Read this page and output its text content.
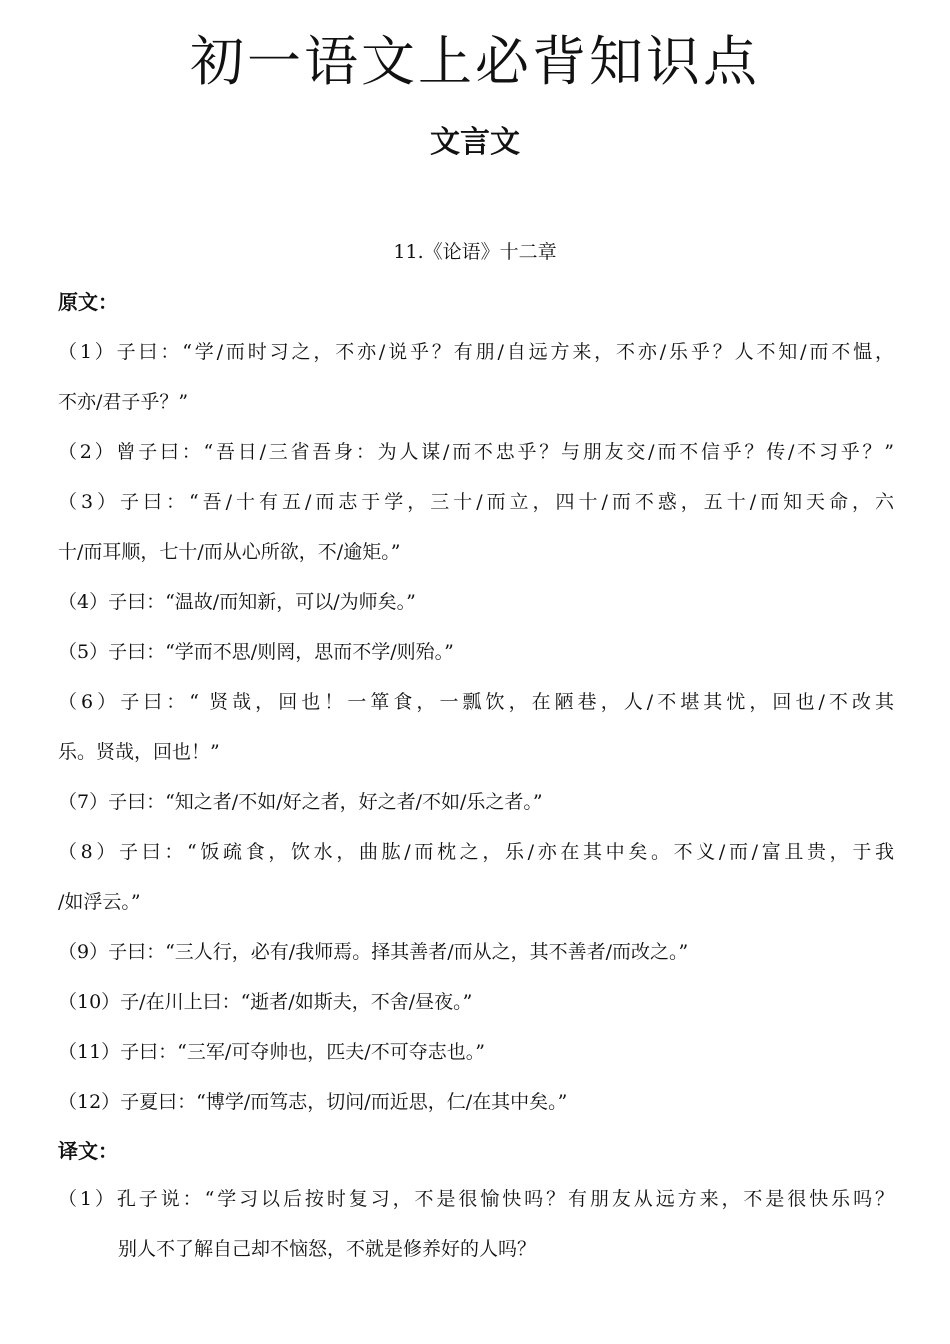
初一语文上必背知识点
文言文
11.《论语》十二章
原文：
（1）子曰：“学/而时习之，不亦/说乎？有朋/自远方来，不亦/乐乎？人不知/而不愠，
不亦/君子乎？”
（2）曾子曰：“吾日/三省吾身：为人谋/而不忠乎？与朋友交/而不信乎？传/不习乎？”
（3）子曰：“吾/十有五/而志于学，三十/而立，四十/而不惑，五十/而知天命，六
十/而耳顺，七十/而从心所欲，不/逾矩。”
（4）子曰：“温故/而知新，可以/为师矣。”
（5）子曰：“学而不思/则罔，思而不学/则殆。”
（6）子曰：“ 贤哉，回也！一箪食，一瓢饮，在陋巷，人/不堪其忧，回也/不改其
乐。贤哉，回也！”
（7）子曰：“知之者/不如/好之者，好之者/不如/乐之者。”
（8）子曰：“饭疏食，饮水，曲肱/而枕之，乐/亦在其中矣。不义/而/富且贵，于我
/如浮云。”
（9）子曰：“三人行，必有/我师焉。择其善者/而从之，其不善者/而改之。”
（10）子/在川上曰：“逝者/如斯夫，不舍/昼夜。”
（11）子曰：“三军/可夺帅也，匹夫/不可夺志也。”
（12）子夏曰：“博学/而笃志，切问/而近思，仁/在其中矣。”
译文：
（1）孔子说：“学习以后按时复习，不是很愉快吗？有朋友从远方来，不是很快乐吗？
别人不了解自己却不恼怒，不就是修养好的人吗？
